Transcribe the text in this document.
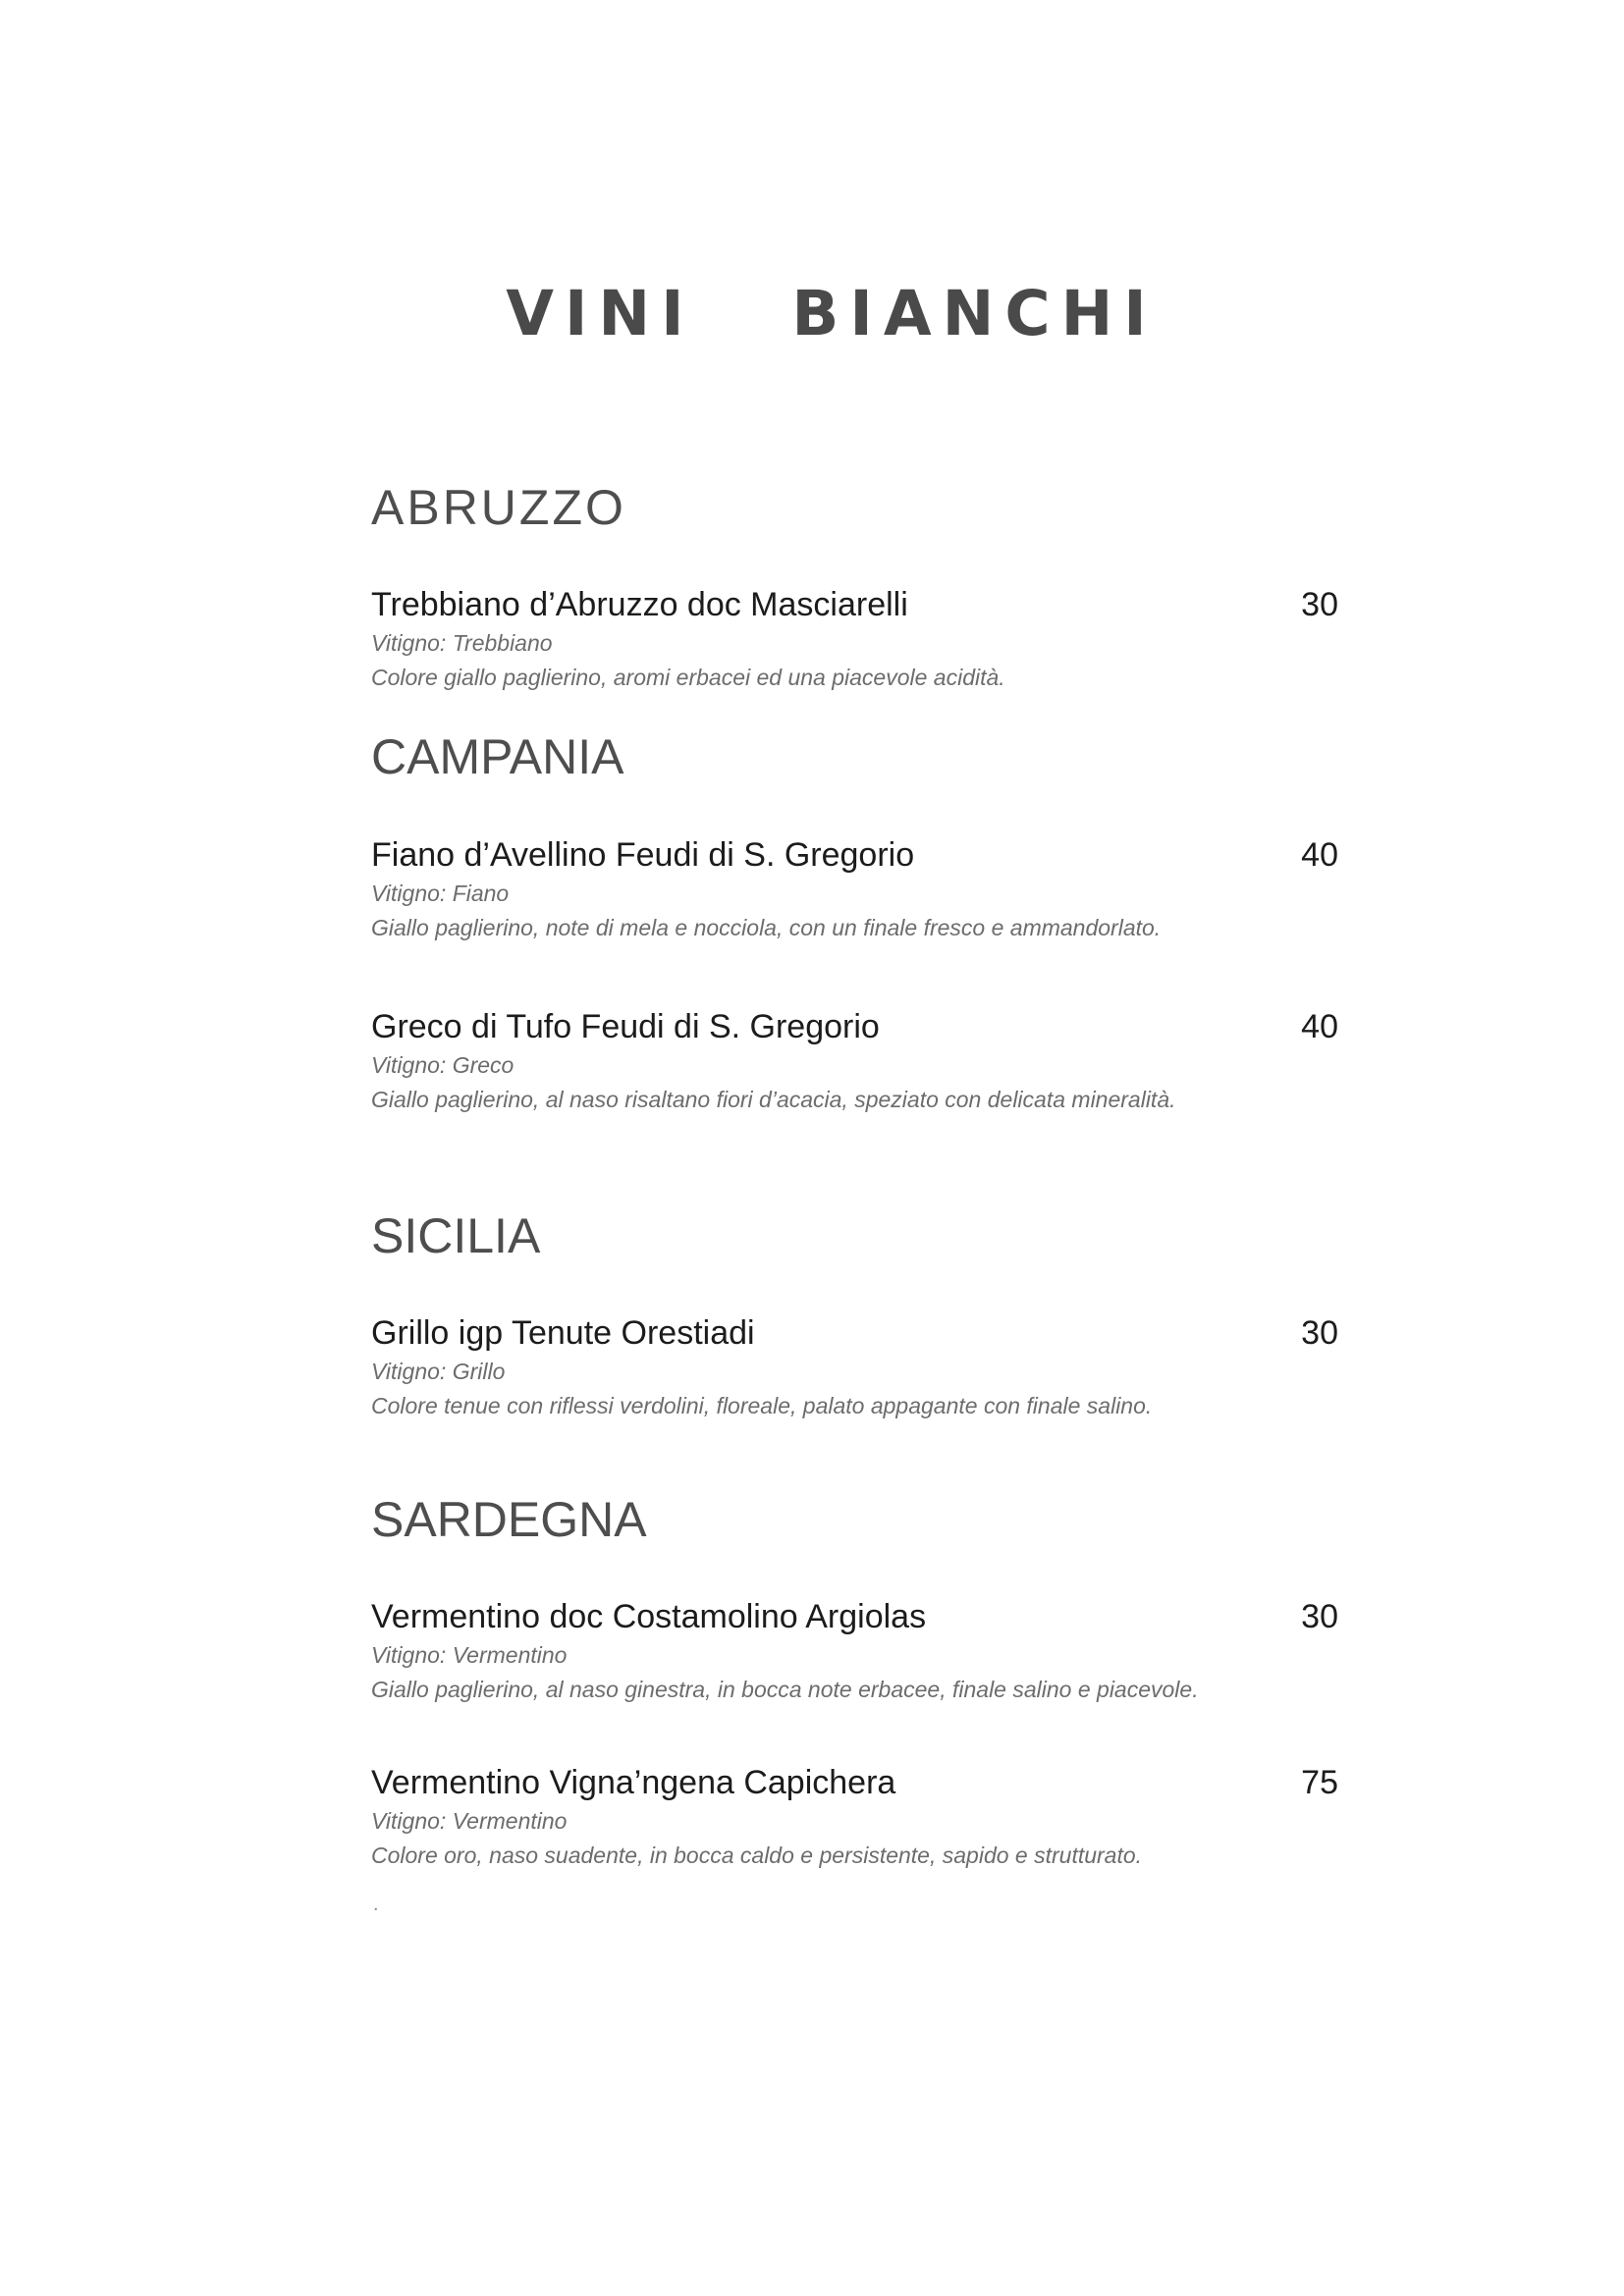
VINI   BIANCHI
ABRUZZO
Trebbiano d’Abruzzo doc Masciarelli	30
Vitigno: Trebbiano
Colore giallo paglierino, aromi erbacei ed una piacevole acidità.
CAMPANIA
Fiano d’Avellino Feudi di S. Gregorio	40
Vitigno: Fiano
Giallo paglierino, note di mela e nocciola, con un finale fresco e ammandorlato.
Greco di Tufo Feudi di S. Gregorio	40
Vitigno: Greco
Giallo paglierino, al naso risaltano fiori d’acacia, speziato con delicata mineralità.
SICILIA
Grillo igp Tenute Orestiadi	30
Vitigno: Grillo
Colore tenue con riflessi verdolini, floreale, palato appagante con finale salino.
SARDEGNA
Vermentino doc Costamolino Argiolas	30
Vitigno: Vermentino
Giallo paglierino, al naso ginestra, in bocca note erbacee, finale salino e piacevole.
Vermentino Vigna’ngena Capichera	75
Vitigno: Vermentino
Colore oro, naso suadente, in bocca caldo e persistente, sapido e strutturato.
.
